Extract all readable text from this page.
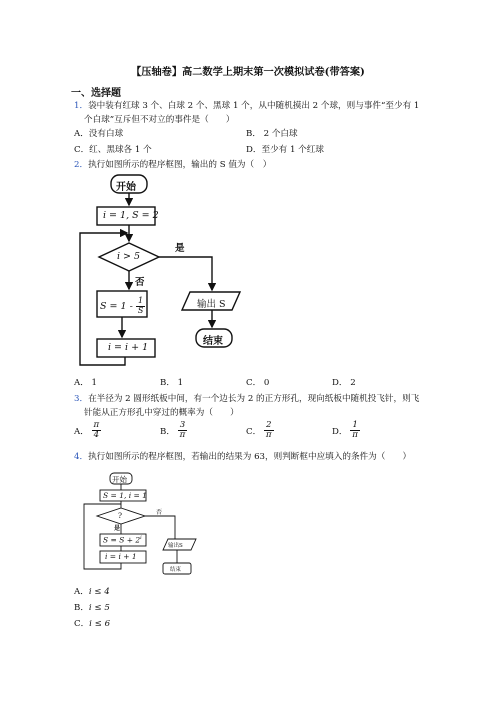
【压轴卷】高二数学上期末第一次模拟试卷(带答案)
一、选择题
1．袋中装有红球 3 个、白球 2 个、黑球 1 个，从中随机摸出 2 个球，则与事件“至少有 1
个白球”互斥但不对立的事件是（　　）
A．没有白球	B． 2 个白球
C．红、黑球各 1 个	D．至少有 1 个红球
2．执行如图所示的程序框图，输出的 S 值为（　）
开始
i = 1, S = 2
i > 5
是
否
$S = 1 - \frac{1}{S}$
i = i + 1
输出 S
结束
A． 1	B． 1	C． 0	D． 2
3．在半径为 2 圆形纸板中间，有一个边长为 2 的正方形孔，现向纸板中随机投飞针，则飞
针能从正方形孔中穿过的概率为（　　）
A． $\frac{\pi}{4}$	B． $\frac{3}{\pi}$	C． $\frac{2}{\pi}$	D． $\frac{1}{\pi}$
4．执行如图所示的程序框图，若输出的结果为 63，则判断框中应填入的条件为（　　）
开始
S = 1, i = 1
?	否
是
$S = S + 2^i$
i = i + 1
输出S
结束
A．i ≤ 4
B．i ≤ 5
C．i ≤ 6
